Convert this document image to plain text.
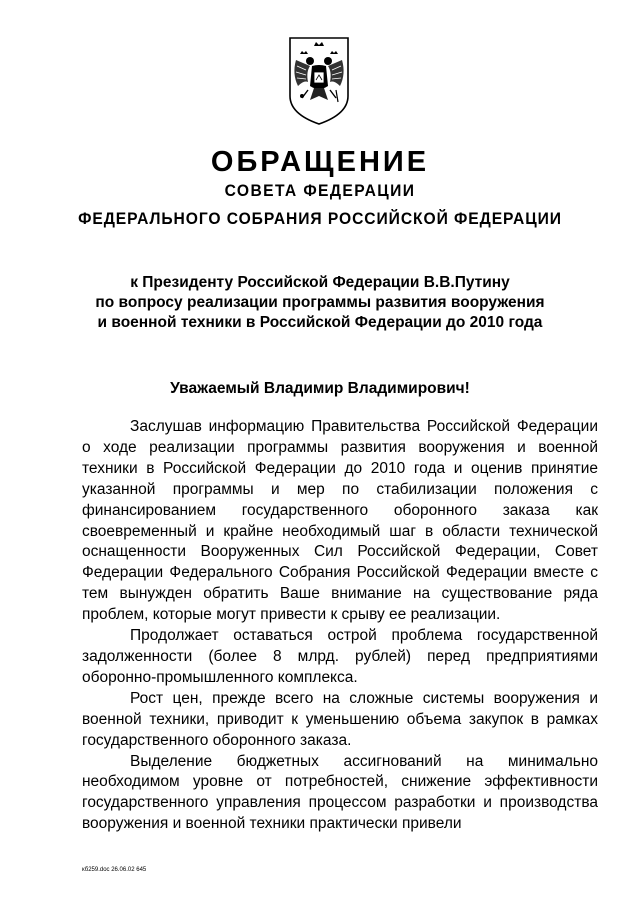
ОБРАЩЕНИЕ
СОВЕТА ФЕДЕРАЦИИ
ФЕДЕРАЛЬНОГО СОБРАНИЯ РОССИЙСКОЙ ФЕДЕРАЦИИ
к Президенту Российской Федерации В.В.Путину
по вопросу реализации программы развития вооружения
и военной техники в Российской Федерации до 2010 года
Уважаемый Владимир Владимирович!

Заслушав информацию Правительства Российской Федерации о ходе реализации программы развития вооружения и военной техники в Российской Федерации до 2010 года и оценив принятие указанной программы и мер по стабилизации положения с финансированием государственного оборонного заказа как своевременный и крайне необходимый шаг в области технической оснащенности Вооруженных Сил Российской Федерации, Совет Федерации Федерального Собрания Российской Федерации вместе с тем вынужден обратить Ваше внимание на существование ряда проблем, которые могут привести к срыву ее реализации.

Продолжает оставаться острой проблема государственной задолженности (более 8 млрд. рублей) перед предприятиями оборонно-промышленного комплекса.

Рост цен, прежде всего на сложные системы вооружения и военной техники, приводит к уменьшению объема закупок в рамках государственного оборонного заказа.

Выделение бюджетных ассигнований на минимально необходимом уровне от потребностей, снижение эффективности государственного управления процессом разработки и производства вооружения и военной техники практически привели

кб259.doc 26.06.02 645
